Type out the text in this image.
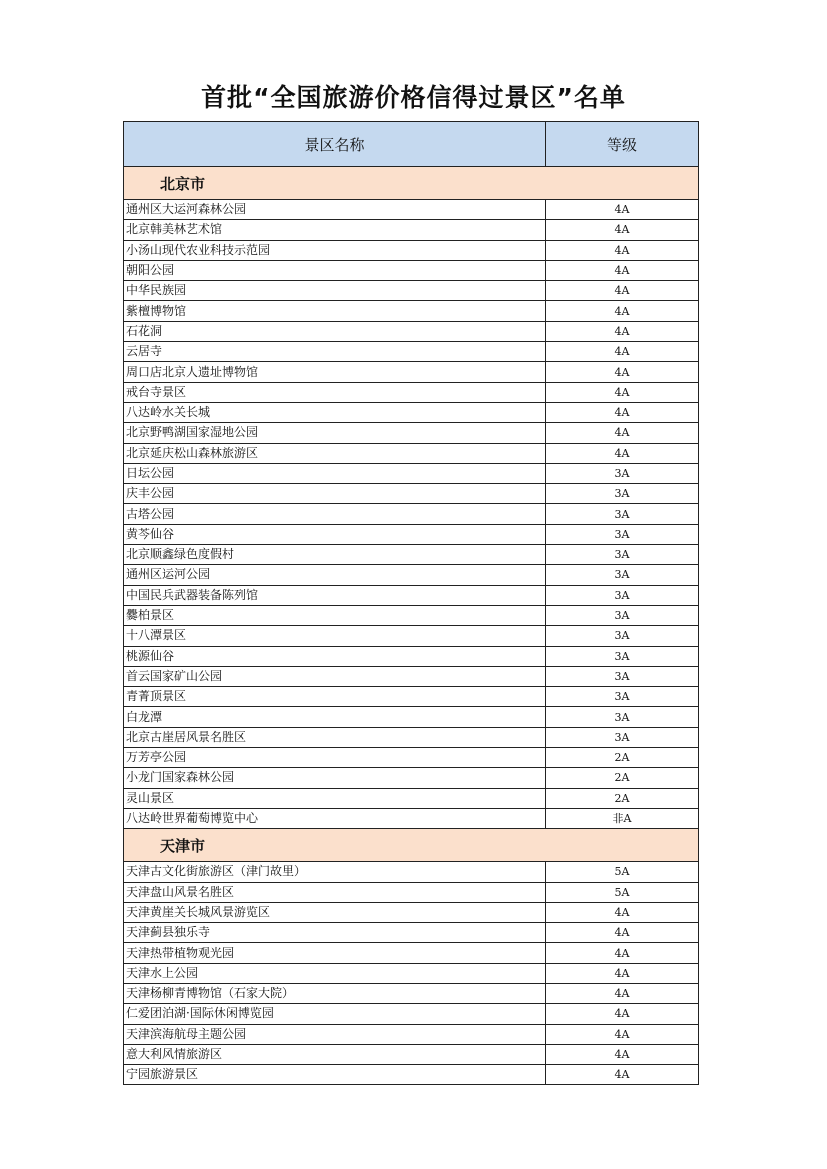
首批“全国旅游价格信得过景区”名单
景区名称	等级
北京市	
通州区大运河森林公园	4A
北京韩美林艺术馆	4A
小汤山现代农业科技示范园	4A
朝阳公园	4A
中华民族园	4A
紫檀博物馆	4A
石花洞	4A
云居寺	4A
周口店北京人遗址博物馆	4A
戒台寺景区	4A
八达岭水关长城	4A
北京野鸭湖国家湿地公园	4A
北京延庆松山森林旅游区	4A
日坛公园	3A
庆丰公园	3A
古塔公园	3A
黄芩仙谷	3A
北京顺鑫绿色度假村	3A
通州区运河公园	3A
中国民兵武器装备陈列馆	3A
爨柏景区	3A
十八潭景区	3A
桃源仙谷	3A
首云国家矿山公园	3A
青菁顶景区	3A
白龙潭	3A
北京古崖居风景名胜区	3A
万芳亭公园	2A
小龙门国家森林公园	2A
灵山景区	2A
八达岭世界葡萄博览中心	非A
天津市	
天津古文化街旅游区（津门故里）	5A
天津盘山风景名胜区	5A
天津黄崖关长城风景游览区	4A
天津蓟县独乐寺	4A
天津热带植物观光园	4A
天津水上公园	4A
天津杨柳青博物馆（石家大院）	4A
仁爱团泊湖·国际休闲博览园	4A
天津滨海航母主题公园	4A
意大利风情旅游区	4A
宁园旅游景区	4A
